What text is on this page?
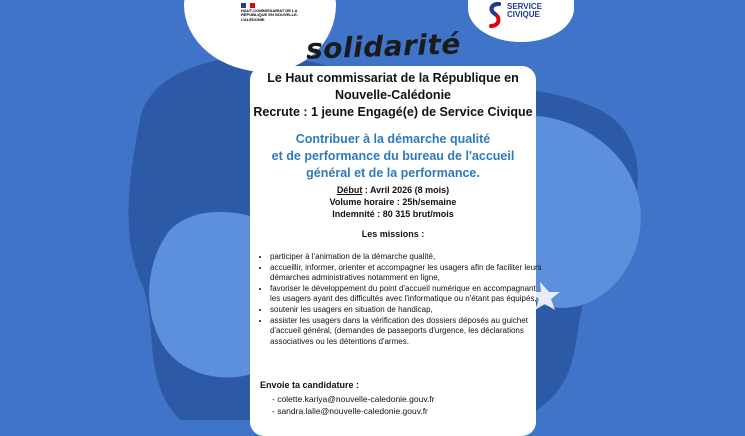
HAUT-COMMISSARIAT DE LA RÉPUBLIQUE EN NOUVELLE-CALÉDONIE
SERVICE CIVIQUE
solidarité
Le Haut commissariat de la République en
Nouvelle-Calédonie
Recrute : 1 jeune Engagé(e) de Service Civique
Contribuer à la démarche qualité
et de performance du bureau de l'accueil
général et de la performance.
Début : Avril 2026 (8 mois)
Volume horaire : 25h/semaine
Indemnité : 80 315 brut/mois
Les missions :
• participer à l'animation de la démarche qualité,
• accueillir, informer, orienter et accompagner les usagers afin de faciliter leurs démarches administratives notamment en ligne,
• favoriser le développement du point d'accueil numérique en accompagnant les usagers ayant des difficultés avec l'informatique ou n'étant pas équipés,
• soutenir les usagers en situation de handicap,
• assister les usagers dans la vérification des dossiers déposés au guichet d'accueil général, (demandes de passeports d'urgence, les déclarations associatives ou les détentions d'armes.
Envoie ta candidature :
- colette.kariya@nouvelle-caledonie.gouv.fr
- sandra.lalie@nouvelle-caledonie.gouv.fr
